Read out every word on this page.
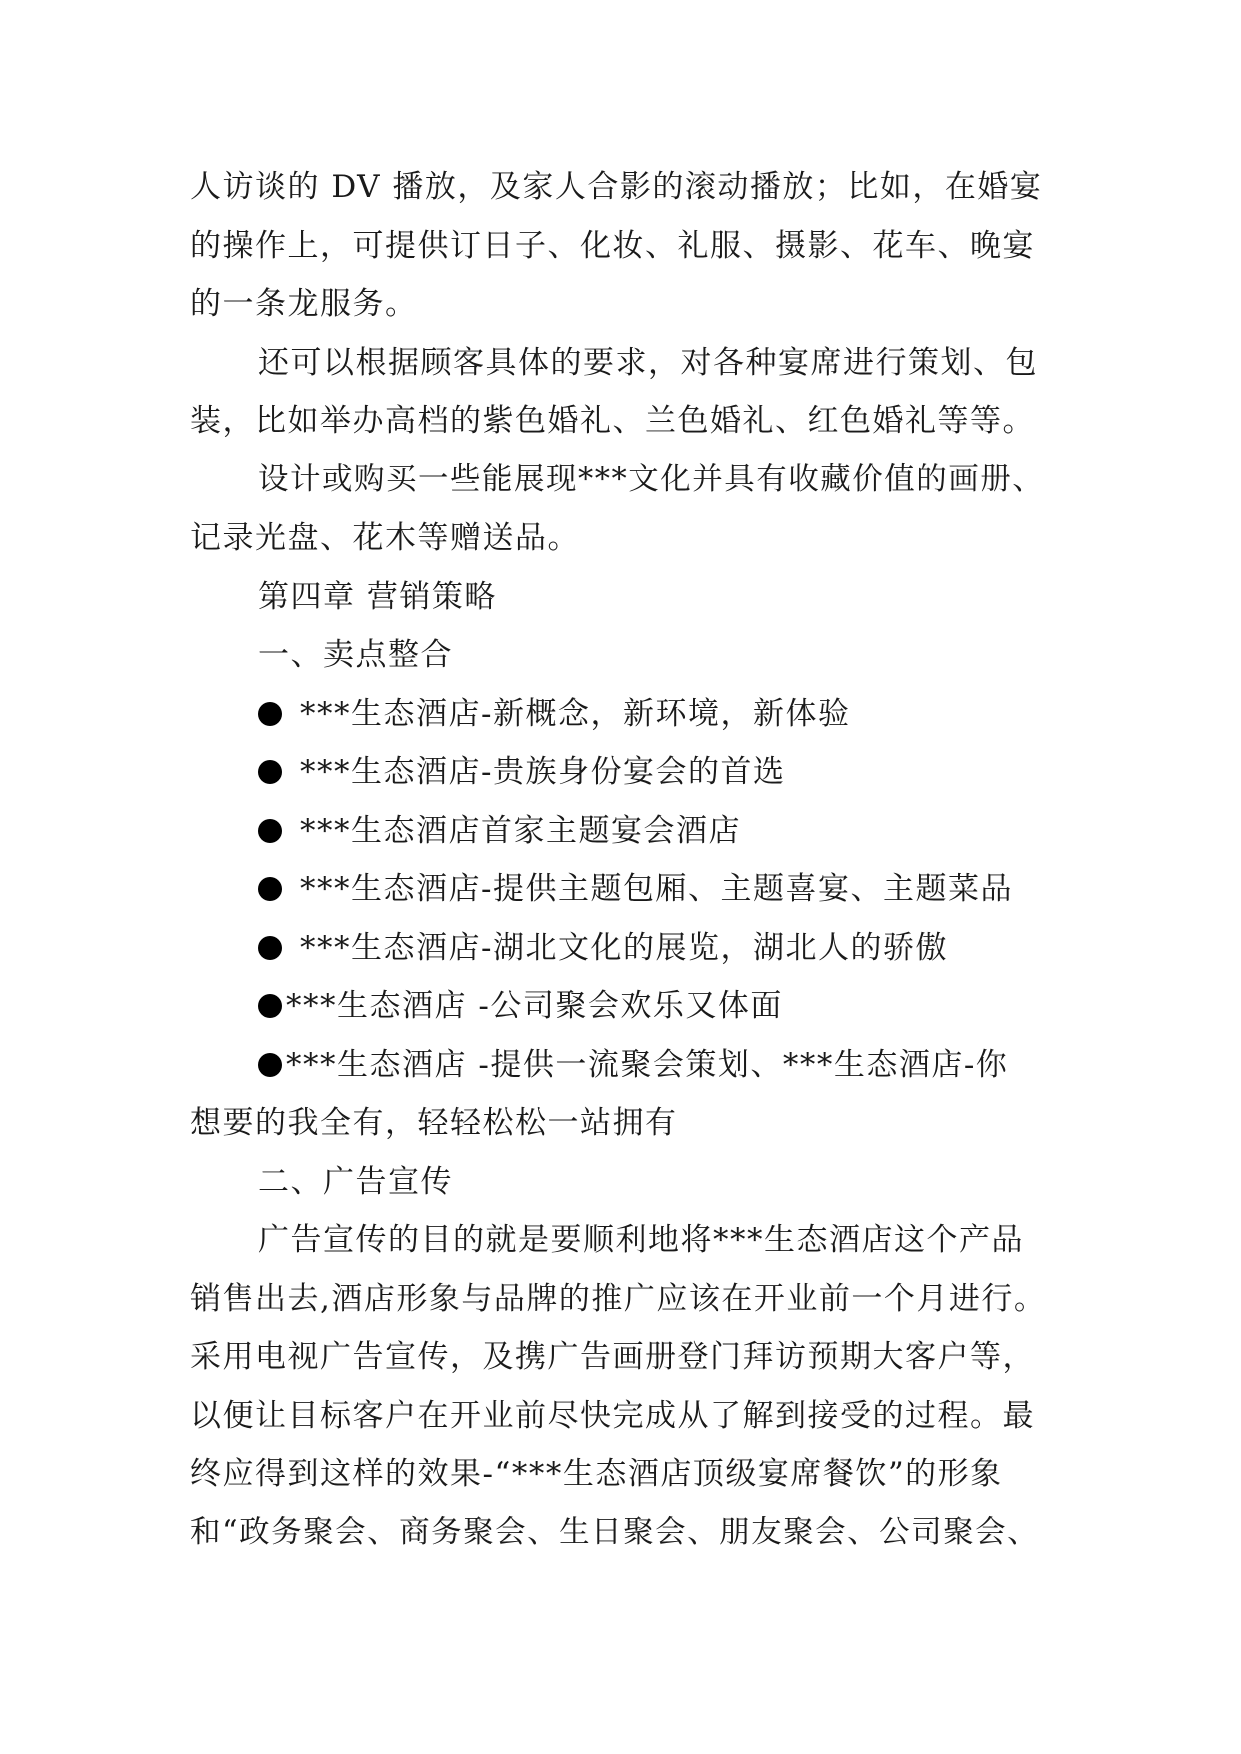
人访谈的 DV 播放，及家人合影的滚动播放；比如，在婚宴
的操作上，可提供订日子、化妆、礼服、摄影、花车、晚宴
的一条龙服务。
还可以根据顾客具体的要求，对各种宴席进行策划、包
装，比如举办高档的紫色婚礼、兰色婚礼、红色婚礼等等。
设计或购买一些能展现***文化并具有收藏价值的画册、
记录光盘、花木等赠送品。
第四章 营销策略
一、卖点整合
***生态酒店-新概念，新环境，新体验
***生态酒店-贵族身份宴会的首选
***生态酒店首家主题宴会酒店
***生态酒店-提供主题包厢、主题喜宴、主题菜品
***生态酒店-湖北文化的展览，湖北人的骄傲
***生态酒店 -公司聚会欢乐又体面
***生态酒店 -提供一流聚会策划、***生态酒店-你
想要的我全有，轻轻松松一站拥有
二、广告宣传
广告宣传的目的就是要顺利地将***生态酒店这个产品
销售出去,酒店形象与品牌的推广应该在开业前一个月进行。
采用电视广告宣传，及携广告画册登门拜访预期大客户等，
以便让目标客户在开业前尽快完成从了解到接受的过程。最
终应得到这样的效果-“***生态酒店顶级宴席餐饮”的形象
和“政务聚会、商务聚会、生日聚会、朋友聚会、公司聚会、
